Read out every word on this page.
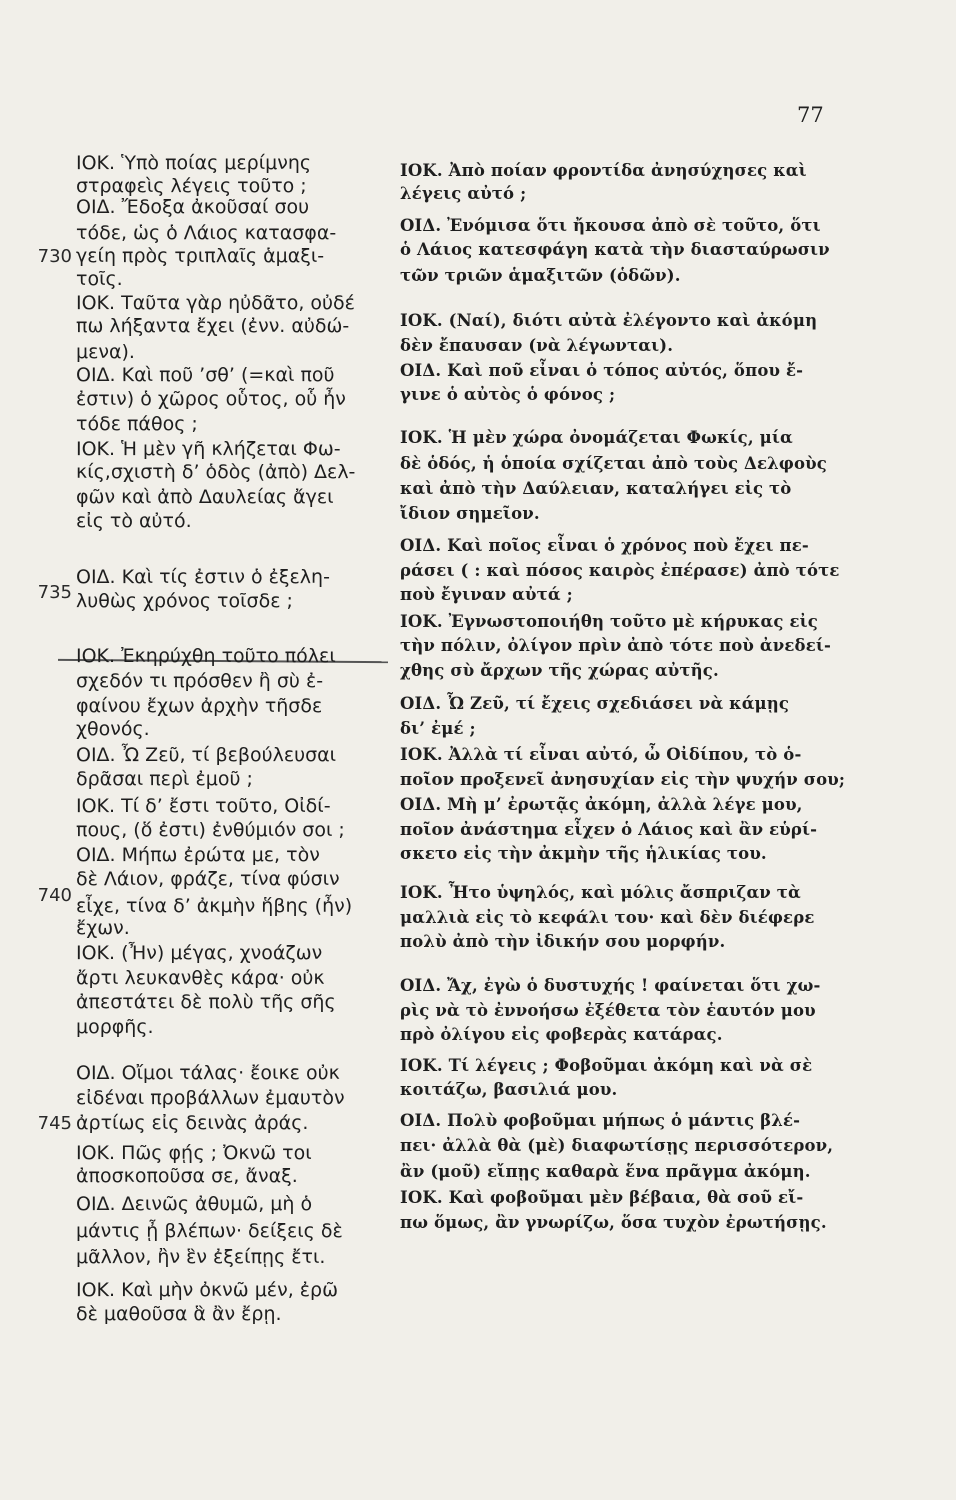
77
730
735
740
745
ΙΟΚ. Ὑπὸ ποίας μερίμνης
στραφεὶς λέγεις τοῦτο ;
ΟΙΔ. Ἔδοξα ἀκοῦσαί σου
τόδε, ὡς ὁ Λάιος κατασφα-
γείη πρὸς τριπλαῖς ἁμαξι-
τοῖς.
ΙΟΚ. Ταῦτα γὰρ ηὐδᾶτο, οὐδέ
πω λήξαντα ἔχει (ἐνν. αὐδώ-
μενα).
ΟΙΔ. Καὶ ποῦ ’σθ’ (=καὶ ποῦ
ἐστιν) ὁ χῶρος οὗτος, οὗ ἦν
τόδε πάθος ;
ΙΟΚ. Ἡ μὲν γῆ κλήζεται Φω-
κίς,σχιστὴ δ’ ὁδὸς (ἀπὸ) Δελ-
φῶν καὶ ἀπὸ Δαυλείας ἄγει
εἰς τὸ αὐτό.
ΟΙΔ. Καὶ τίς ἐστιν ὁ ἐξελη-
λυθὼς χρόνος τοῖσδε ;
ΙΟΚ. Ἐκηρύχθη τοῦτο πόλει
σχεδόν τι πρόσθεν ἢ σὺ ἐ-
φαίνου ἔχων ἀρχὴν τῆσδε
χθονός.
ΟΙΔ. Ὦ Ζεῦ, τί βεβούλευσαι
δρᾶσαι περὶ ἐμοῦ ;
ΙΟΚ. Τί δ’ ἔστι τοῦτο, Οἰδί-
πους, (ὅ ἐστι) ἐνθύμιόν σοι ;
ΟΙΔ. Μήπω ἐρώτα με, τὸν
δὲ Λάιον, φράζε, τίνα φύσιν
εἶχε, τίνα δ’ ἀκμὴν ἥβης (ἦν)
ἔχων.
ΙΟΚ. (Ἦν) μέγας, χνοάζων
ἄρτι λευκανθὲς κάρα· οὐκ
ἀπεστάτει δὲ πολὺ τῆς σῆς
μορφῆς.
ΟΙΔ. Οἴμοι τάλας· ἔοικε οὐκ
εἰδέναι προβάλλων ἐμαυτὸν
ἀρτίως εἰς δεινὰς ἀράς.
ΙΟΚ. Πῶς φῄς ; Ὀκνῶ τοι
ἀποσκοποῦσα σε, ἄναξ.
ΟΙΔ. Δεινῶς ἀθυμῶ, μὴ ὁ
μάντις ᾖ βλέπων· δείξεις δὲ
μᾶλλον, ἢν ἓν ἐξείπῃς ἔτι.
ΙΟΚ. Καὶ μὴν ὀκνῶ μέν, ἐρῶ
δὲ μαθοῦσα ἃ ἂν ἔρῃ.
ΙΟΚ. Ἀπὸ ποίαν φροντίδα ἀνησύχησες καὶ
λέγεις αὐτό ;
ΟΙΔ. Ἐνόμισα ὅτι ἤκουσα ἀπὸ σὲ τοῦτο, ὅτι
ὁ Λάιος κατεσφάγη κατὰ τὴν διασταύρωσιν
τῶν τριῶν ἁμαξιτῶν (ὁδῶν).
ΙΟΚ. (Ναί), διότι αὐτὰ ἐλέγοντο καὶ ἀκόμη
δὲν ἔπαυσαν (νὰ λέγωνται).
ΟΙΔ. Καὶ ποῦ εἶναι ὁ τόπος αὐτός, ὅπου ἔ-
γινε ὁ αὐτὸς ὁ φόνος ;
ΙΟΚ. Ἡ μὲν χώρα ὀνομάζεται Φωκίς, μία
δὲ ὁδός, ἡ ὁποία σχίζεται ἀπὸ τοὺς Δελφοὺς
καὶ ἀπὸ τὴν Δαύλειαν, καταλήγει εἰς τὸ
ἴδιον σημεῖον.
ΟΙΔ. Καὶ ποῖος εἶναι ὁ χρόνος ποὺ ἔχει πε-
ράσει ( : καὶ πόσος καιρὸς ἐπέρασε) ἀπὸ τότε
ποὺ ἔγιναν αὐτά ;
ΙΟΚ. Ἐγνωστοποιήθη τοῦτο μὲ κήρυκας εἰς
τὴν πόλιν, ὀλίγον πρὶν ἀπὸ τότε ποὺ ἀνεδεί-
χθης σὺ ἄρχων τῆς χώρας αὐτῆς.
ΟΙΔ. Ὦ Ζεῦ, τί ἔχεις σχεδιάσει νὰ κάμῃς
δι’ ἐμέ ;
ΙΟΚ. Ἀλλὰ τί εἶναι αὐτό, ὦ Οἰδίπου, τὸ ὁ-
ποῖον προξενεῖ ἀνησυχίαν εἰς τὴν ψυχήν σου;
ΟΙΔ. Μὴ μ’ ἐρωτᾷς ἀκόμη, ἀλλὰ λέγε μου,
ποῖον ἀνάστημα εἶχεν ὁ Λάιος καὶ ἂν εὑρί-
σκετο εἰς τὴν ἀκμὴν τῆς ἡλικίας του.
ΙΟΚ. Ἦτο ὑψηλός, καὶ μόλις ἄσπριζαν τὰ
μαλλιὰ εἰς τὸ κεφάλι του· καὶ δὲν διέφερε
πολὺ ἀπὸ τὴν ἰδικήν σου μορφήν.
ΟΙΔ. Ἄχ, ἐγὼ ὁ δυστυχής ! φαίνεται ὅτι χω-
ρὶς νὰ τὸ ἐννοήσω ἐξέθετα τὸν ἑαυτόν μου
πρὸ ὀλίγου εἰς φοβερὰς κατάρας.
ΙΟΚ. Τί λέγεις ; Φοβοῦμαι ἀκόμη καὶ νὰ σὲ
κοιτάζω, βασιλιά μου.
ΟΙΔ. Πολὺ φοβοῦμαι μήπως ὁ μάντις βλέ-
πει· ἀλλὰ θὰ (μὲ) διαφωτίσῃς περισσότερον,
ἂν (μοῦ) εἴπῃς καθαρὰ ἕνα πρᾶγμα ἀκόμη.
ΙΟΚ. Καὶ φοβοῦμαι μὲν βέβαια, θὰ σοῦ εἴ-
πω ὅμως, ἂν γνωρίζω, ὅσα τυχὸν ἐρωτήσῃς.
